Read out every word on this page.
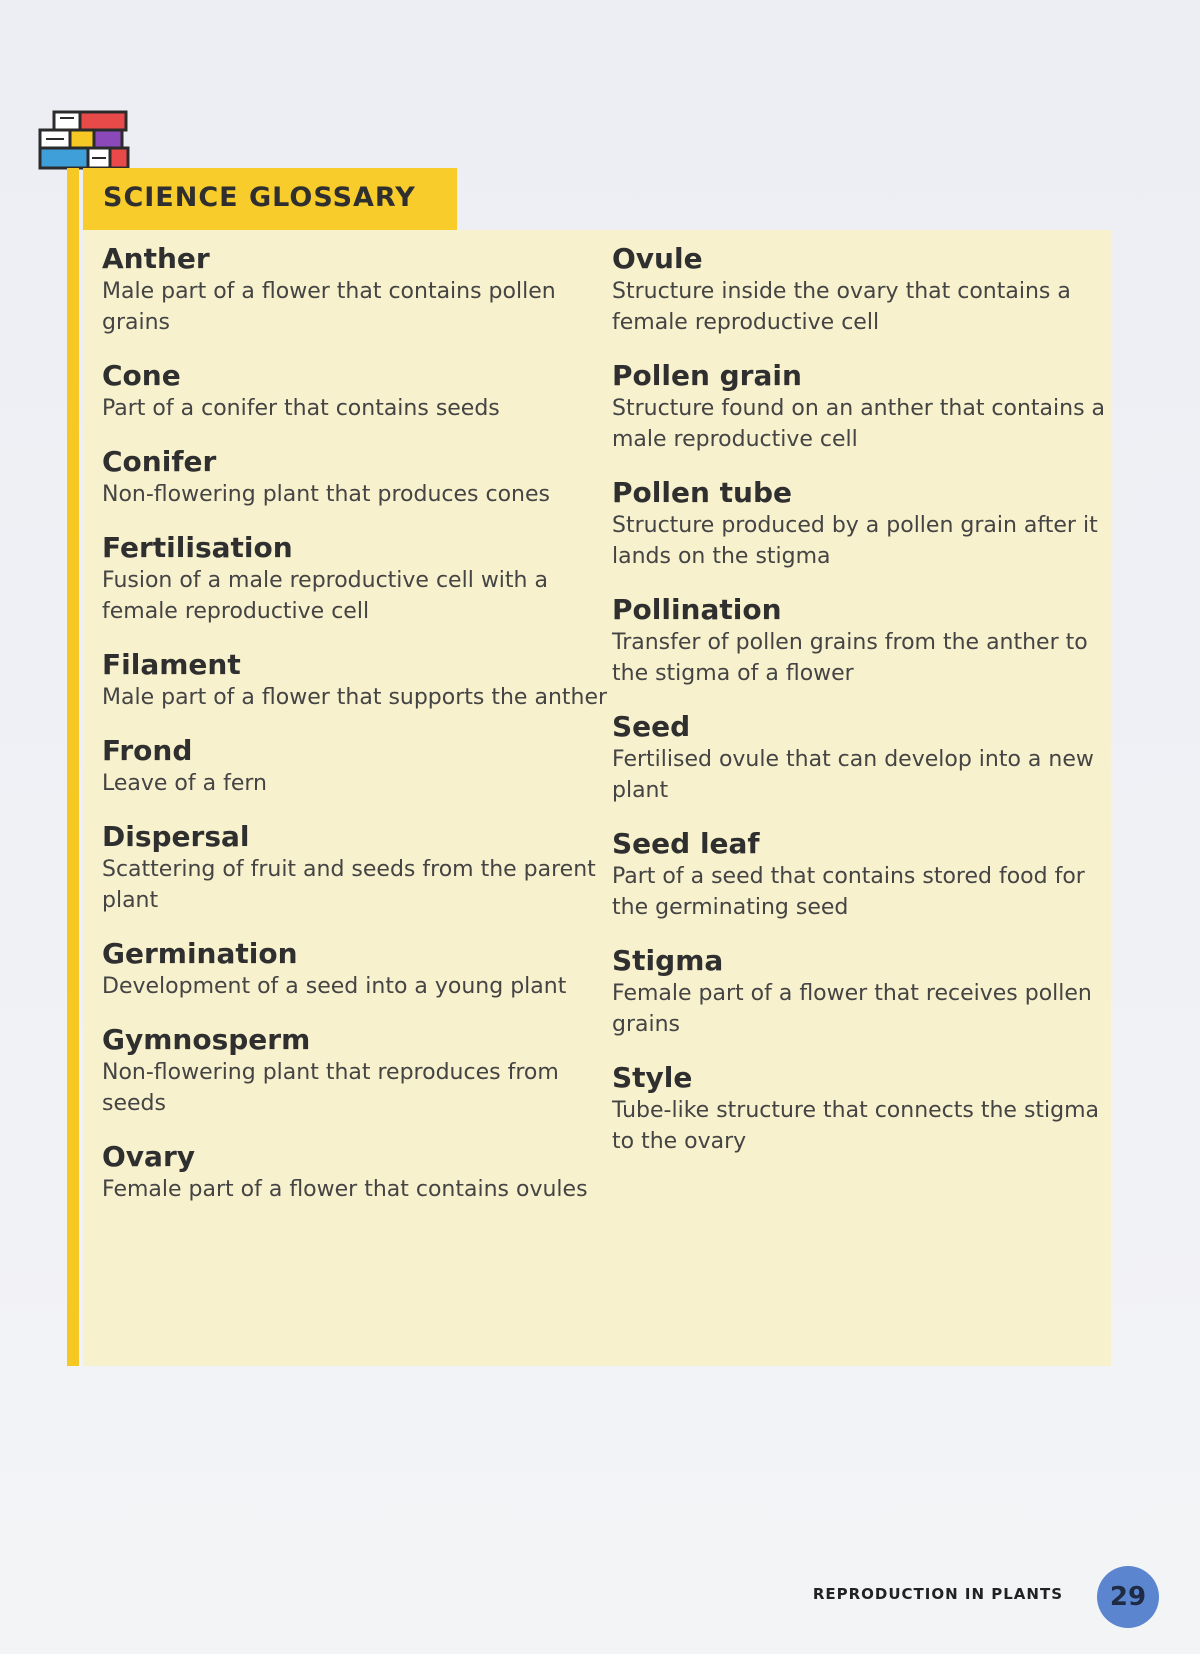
SCIENCE GLOSSARY
Anther
Male part of a flower that contains pollen grains
Cone
Part of a conifer that contains seeds
Conifer
Non-flowering plant that produces cones
Fertilisation
Fusion of a male reproductive cell with a female reproductive cell
Filament
Male part of a flower that supports the anther
Frond
Leave of a fern
Dispersal
Scattering of fruit and seeds from the parent plant
Germination
Development of a seed into a young plant
Gymnosperm
Non-flowering plant that reproduces from seeds
Ovary
Female part of a flower that contains ovules
Ovule
Structure inside the ovary that contains a female reproductive cell
Pollen grain
Structure found on an anther that contains a male reproductive cell
Pollen tube
Structure produced by a pollen grain after it lands on the stigma
Pollination
Transfer of pollen grains from the anther to the stigma of a flower
Seed
Fertilised ovule that can develop into a new plant
Seed leaf
Part of a seed that contains stored food for the germinating seed
Stigma
Female part of a flower that receives pollen grains
Style
Tube-like structure that connects the stigma to the ovary
REPRODUCTION IN PLANTS 29
